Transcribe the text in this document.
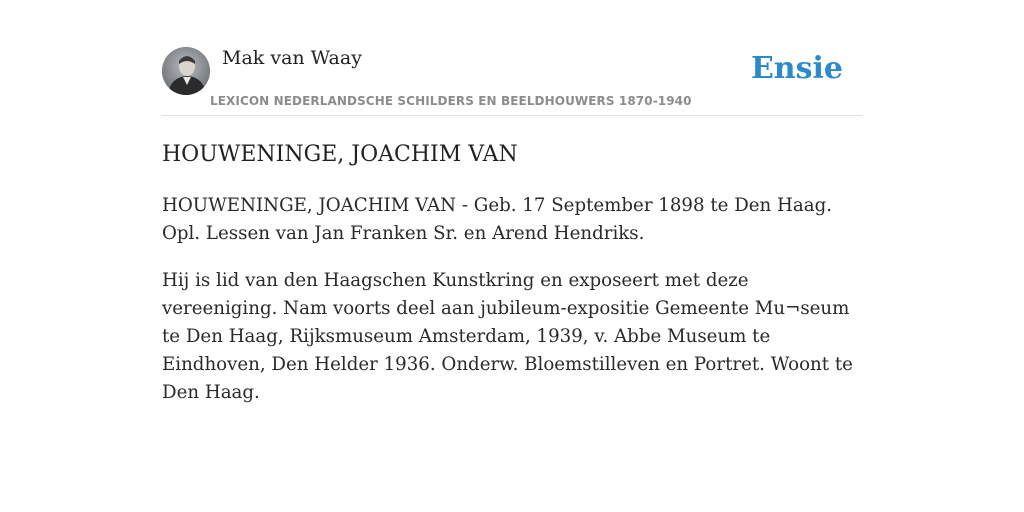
Mak van Waay
LEXICON NEDERLANDSCHE SCHILDERS EN BEELDHOUWERS 1870-1940
Ensie
HOUWENINGE, JOACHIM VAN

HOUWENINGE, JOACHIM VAN - Geb. 17 September 1898 te Den Haag. Opl. Lessen van Jan Franken Sr. en Arend Hendriks.

Hij is lid van den Haagschen Kunstkring en exposeert met deze vereeniging. Nam voorts deel aan jubileum-expositie Gemeente Mu¬seum te Den Haag, Rijksmuseum Amsterdam, 1939, v. Abbe Museum te Eindhoven, Den Helder 1936. Onderw. Bloemstilleven en Portret. Woont te Den Haag.
